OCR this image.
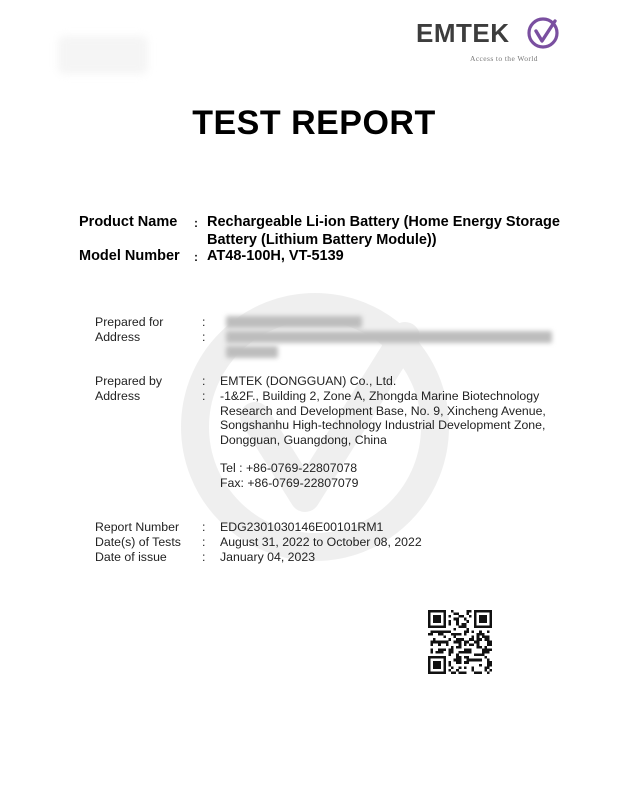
EMTEK
Access to the World
TEST REPORT
Product Name : Rechargeable Li-ion Battery (Home Energy Storage
Battery (Lithium Battery Module))
Model Number : AT48-100H, VT-5139
Prepared for	:
Address	:
Prepared by	: EMTEK (DONGGUAN) Co., Ltd.
Address	: -1&2F., Building 2, Zone A, Zhongda Marine Biotechnology
Research and Development Base, No. 9, Xincheng Avenue,
Songshanhu High-technology Industrial Development Zone,
Dongguan, Guangdong, China
Tel : +86-0769-22807078
Fax: +86-0769-22807079
Report Number : EDG2301030146E00101RM1
Date(s) of Tests : August 31, 2022 to October 08, 2022
Date of issue	: January 04, 2023
